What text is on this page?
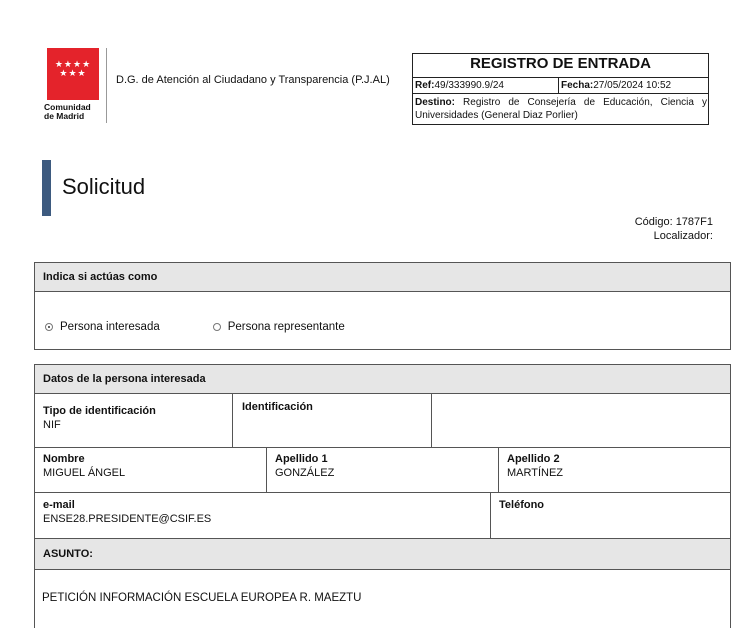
★★★★
★★★
Comunidad
de Madrid
D.G. de Atención al Ciudadano y Transparencia (P.J.AL)
REGISTRO DE ENTRADA
Ref:49/333990.9/24	Fecha:27/05/2024 10:52
Destino: Registro de Consejería de Educación, Ciencia y Universidades (General Diaz Porlier)
Solicitud
Código: 1787F1
Localizador:
Indica si actúas como
Persona interesada	Persona representante
Datos de la persona interesada
Tipo de identificación
NIF
Identificación
Nombre
MIGUEL ÁNGEL
Apellido 1
GONZÁLEZ
Apellido 2
MARTÍNEZ
e-mail
ENSE28.PRESIDENTE@CSIF.ES
Teléfono
ASUNTO:
PETICIÓN INFORMACIÓN ESCUELA EUROPEA R. MAEZTU
